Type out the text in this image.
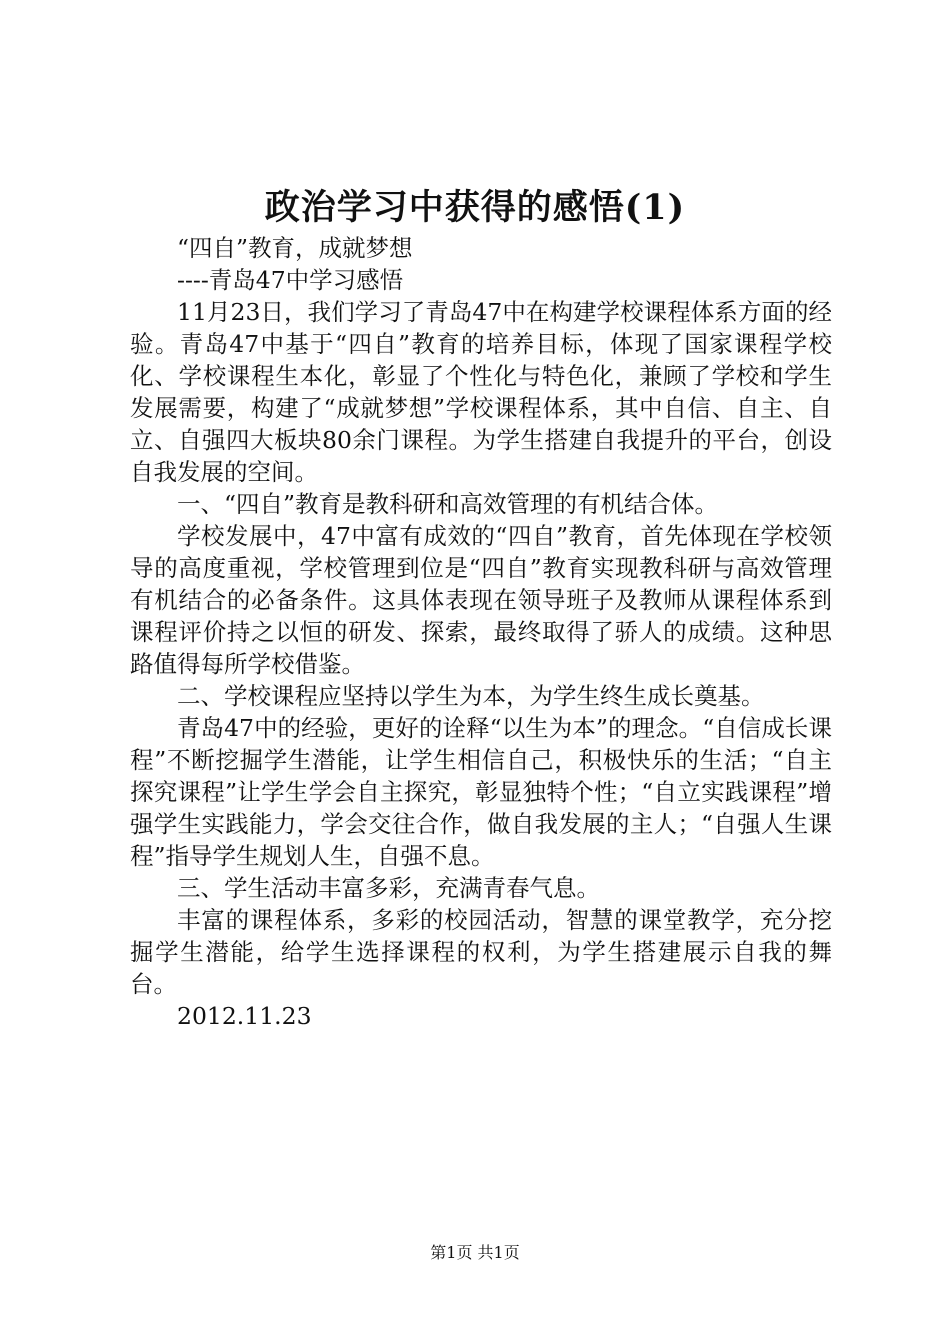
政治学习中获得的感悟(1)

“四自”教育，成就梦想

----青岛47中学习感悟

11月23日，我们学习了青岛47中在构建学校课程体系方面的经验。青岛47中基于“四自”教育的培养目标，体现了国家课程学校化、学校课程生本化，彰显了个性化与特色化，兼顾了学校和学生发展需要，构建了“成就梦想”学校课程体系，其中自信、自主、自立、自强四大板块80余门课程。为学生搭建自我提升的平台，创设自我发展的空间。

一、“四自”教育是教科研和高效管理的有机结合体。

学校发展中，47中富有成效的“四自”教育，首先体现在学校领导的高度重视，学校管理到位是“四自”教育实现教科研与高效管理有机结合的必备条件。这具体表现在领导班子及教师从课程体系到课程评价持之以恒的研发、探索，最终取得了骄人的成绩。这种思路值得每所学校借鉴。

二、学校课程应坚持以学生为本，为学生终生成长奠基。

青岛47中的经验，更好的诠释“以生为本”的理念。“自信成长课程”不断挖掘学生潜能，让学生相信自己，积极快乐的生活；“自主探究课程”让学生学会自主探究，彰显独特个性；“自立实践课程”增强学生实践能力，学会交往合作，做自我发展的主人；“自强人生课程”指导学生规划人生，自强不息。

三、学生活动丰富多彩，充满青春气息。

丰富的课程体系，多彩的校园活动，智慧的课堂教学，充分挖掘学生潜能，给学生选择课程的权利，为学生搭建展示自我的舞台。

2012.11.23

第1页 共1页
